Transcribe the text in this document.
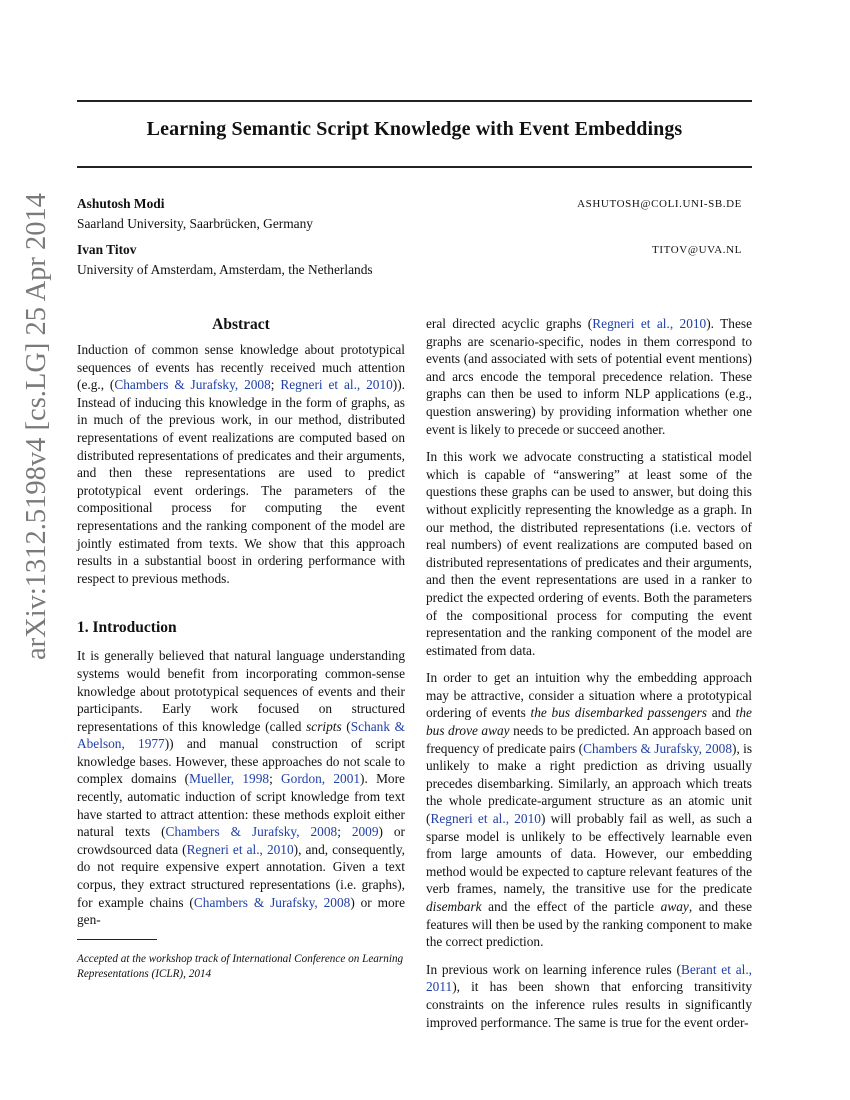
arXiv:1312.5198v4 [cs.LG] 25 Apr 2014
Learning Semantic Script Knowledge with Event Embeddings
Ashutosh Modi
Saarland University, Saarbrücken, Germany
ASHUTOSH@COLI.UNI-SB.DE
Ivan Titov
University of Amsterdam, Amsterdam, the Netherlands
TITOV@UVA.NL
Abstract

Induction of common sense knowledge about prototypical sequences of events has recently received much attention (e.g., (Chambers & Jurafsky, 2008; Regneri et al., 2010)). Instead of inducing this knowledge in the form of graphs, as in much of the previous work, in our method, distributed representations of event realizations are computed based on distributed representations of predicates and their arguments, and then these representations are used to predict prototypical event orderings. The parameters of the compositional process for computing the event representations and the ranking component of the model are jointly estimated from texts. We show that this approach results in a substantial boost in ordering performance with respect to previous methods.

1. Introduction

It is generally believed that natural language understanding systems would benefit from incorporating common-sense knowledge about prototypical sequences of events and their participants. Early work focused on structured representations of this knowledge (called scripts (Schank & Abelson, 1977)) and manual construction of script knowledge bases. However, these approaches do not scale to complex domains (Mueller, 1998; Gordon, 2001). More recently, automatic induction of script knowledge from text have started to attract attention: these methods exploit either natural texts (Chambers & Jurafsky, 2008; 2009) or crowdsourced data (Regneri et al., 2010), and, consequently, do not require expensive expert annotation. Given a text corpus, they extract structured representations (i.e. graphs), for example chains (Chambers & Jurafsky, 2008) or more gen-

Accepted at the workshop track of International Conference on Learning Representations (ICLR), 2014

eral directed acyclic graphs (Regneri et al., 2010). These graphs are scenario-specific, nodes in them correspond to events (and associated with sets of potential event mentions) and arcs encode the temporal precedence relation. These graphs can then be used to inform NLP applications (e.g., question answering) by providing information whether one event is likely to precede or succeed another.

In this work we advocate constructing a statistical model which is capable of “answering” at least some of the questions these graphs can be used to answer, but doing this without explicitly representing the knowledge as a graph. In our method, the distributed representations (i.e. vectors of real numbers) of event realizations are computed based on distributed representations of predicates and their arguments, and then the event representations are used in a ranker to predict the expected ordering of events. Both the parameters of the compositional process for computing the event representation and the ranking component of the model are estimated from data.

In order to get an intuition why the embedding approach may be attractive, consider a situation where a prototypical ordering of events the bus disembarked passengers and the bus drove away needs to be predicted. An approach based on frequency of predicate pairs (Chambers & Jurafsky, 2008), is unlikely to make a right prediction as driving usually precedes disembarking. Similarly, an approach which treats the whole predicate-argument structure as an atomic unit (Regneri et al., 2010) will probably fail as well, as such a sparse model is unlikely to be effectively learnable even from large amounts of data. However, our embedding method would be expected to capture relevant features of the verb frames, namely, the transitive use for the predicate disembark and the effect of the particle away, and these features will then be used by the ranking component to make the correct prediction.

In previous work on learning inference rules (Berant et al., 2011), it has been shown that enforcing transitivity constraints on the inference rules results in significantly improved performance. The same is true for the event order-
